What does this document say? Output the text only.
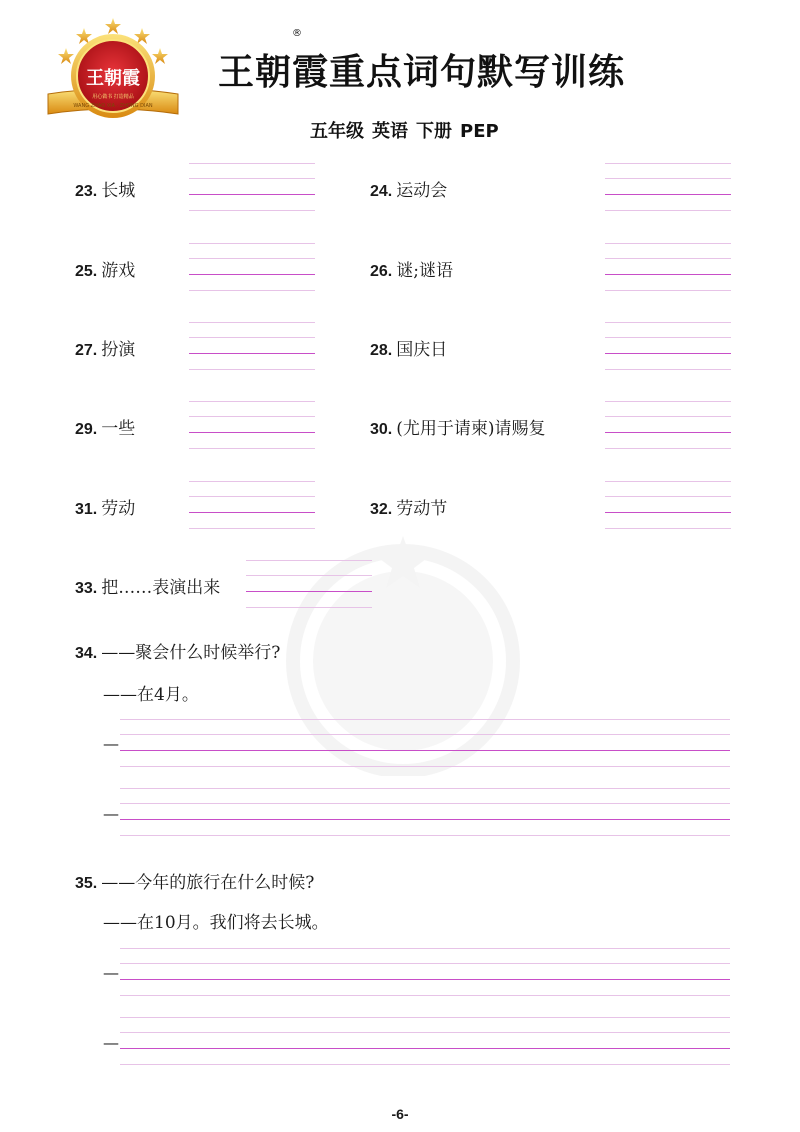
王朝霞
用心做书 打造精品
WANG ZHAO XIA · ZHONG DIAN
王朝霞重点词句默写训练
®
五年级 英语 下册 PEP
23. 长城	24. 运动会
25. 游戏	26. 谜;谜语
27. 扮演	28. 国庆日
29. 一些	30. (尤用于请柬)请赐复
31. 劳动	32. 劳动节
33. 把……表演出来
34. ——聚会什么时候举行?
——在4月。
—
—
35. ——今年的旅行在什么时候?
——在10月。我们将去长城。
—
—
-6-
